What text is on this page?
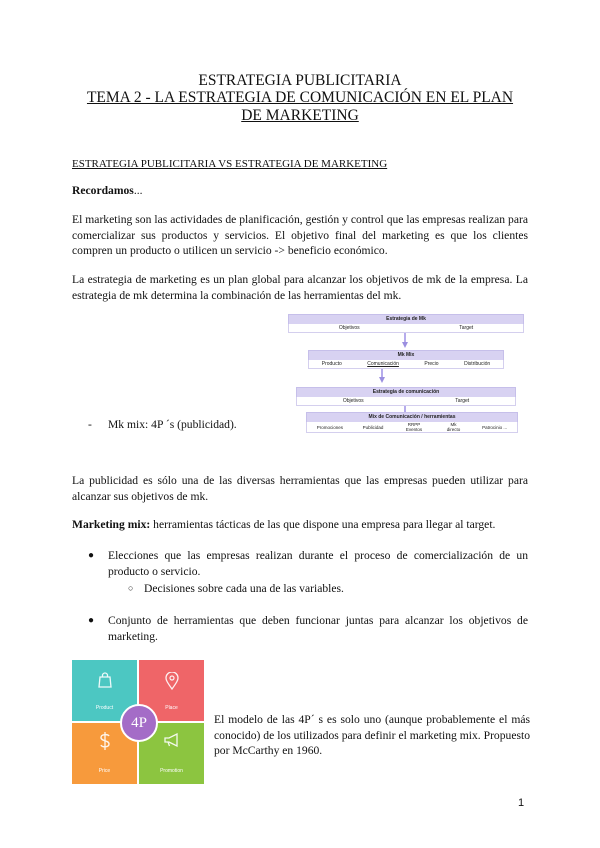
ESTRATEGIA PUBLICITARIA
TEMA 2 - LA ESTRATEGIA DE COMUNICACIÓN EN EL PLAN
DE MARKETING
ESTRATEGIA PUBLICITARIA VS ESTRATEGIA DE MARKETING
Recordamos...
El marketing son las actividades de planificación, gestión y control que las empresas realizan para comercializar sus productos y servicios. El objetivo final del marketing es que los clientes compren un producto o utilicen un servicio -> beneficio económico.
La estrategia de marketing es un plan global para alcanzar los objetivos de mk de la empresa. La estrategia de mk determina la combinación de las herramientas del mk.
Estrategia de Mk
Objetivos	Target
Mk Mix
Producto	Comunicación	Precio	Distribución
Estrategia de comunicación
Objetivos	Target
Mix de Comunicación / herramientas
Promociones	Publicidad	RRPP Eventos
Mk directo	Patrocinio ...
- Mk mix: 4P ´s (publicidad).
La publicidad es sólo una de las diversas herramientas que las empresas pueden utilizar para alcanzar sus objetivos de mk.
Marketing mix: herramientas tácticas de las que dispone una empresa para llegar al target.
● Elecciones que las empresas realizan durante el proceso de comercialización de un producto o servicio.
○ Decisiones sobre cada una de las variables.
● Conjunto de herramientas que deben funcionar juntas para alcanzar los objetivos de marketing.
Product	Place
Price	Promotion
4P	El modelo de las 4P´ s es solo uno (aunque probablemente el más conocido) de los utilizados para definir el marketing mix. Propuesto por McCarthy en 1960.
1
